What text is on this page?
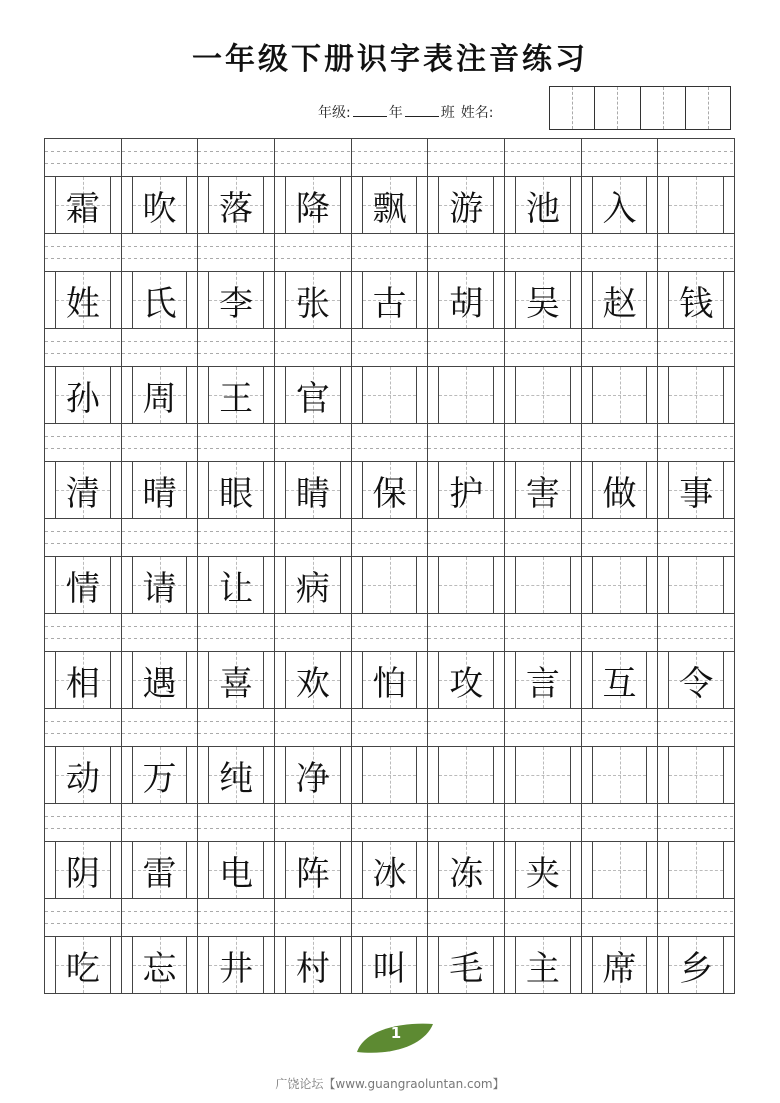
一年级下册识字表注音练习
年级:	年	班 姓名:
霜 吹 落 降 飘 游 池 入
姓 氏 李 张 古 胡 吴 赵 钱
孙 周 王 官
清 晴 眼 睛 保 护 害 做 事
情 请 让 病
相 遇 喜 欢 怕 攻 言 互 令
动 万 纯 净
阴 雷 电 阵 冰 冻 夹
吃 忘 井 村 叫 毛 主 席 乡
1
广饶论坛【www.guangraoluntan.com】
